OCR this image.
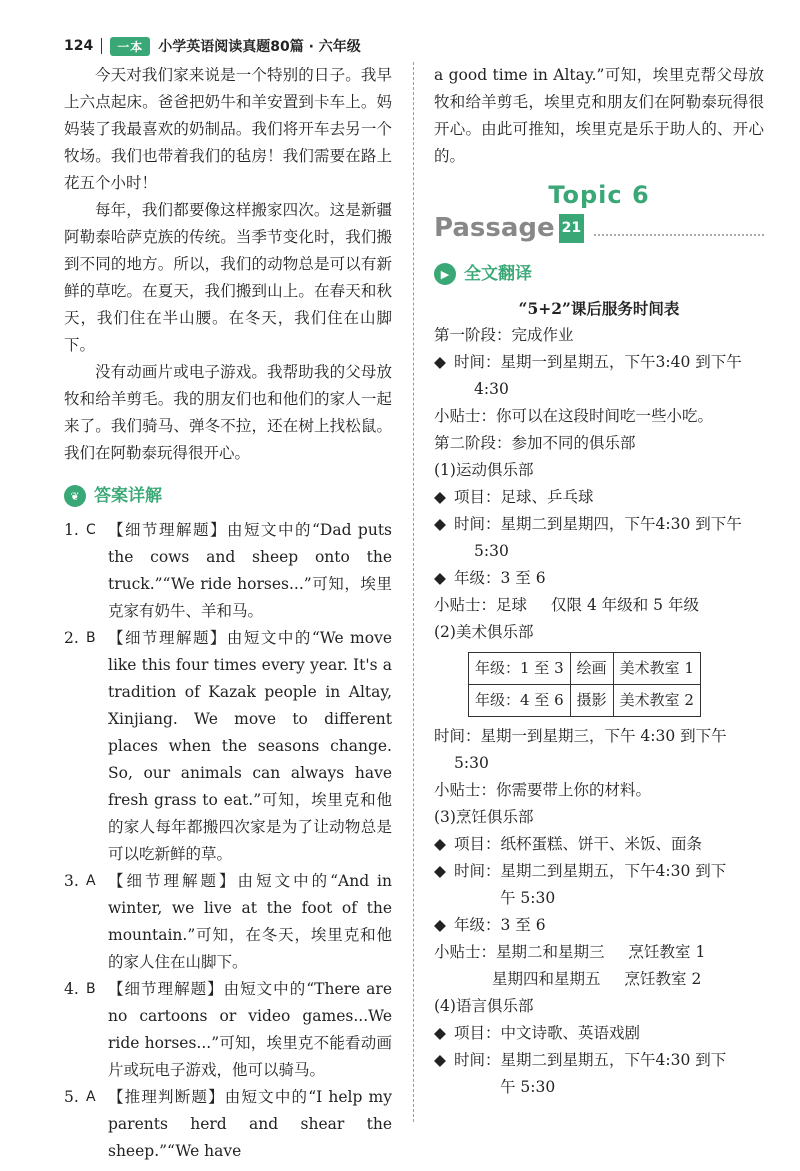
124	一本	小学英语阅读真题80篇 · 六年级

今天对我们家来说是一个特别的日子。我早上六点起床。爸爸把奶牛和羊安置到卡车上。妈妈装了我最喜欢的奶制品。我们将开车去另一个牧场。我们也带着我们的毡房！我们需要在路上花五个小时！

每年，我们都要像这样搬家四次。这是新疆阿勒泰哈萨克族的传统。当季节变化时，我们搬到不同的地方。所以，我们的动物总是可以有新鲜的草吃。在夏天，我们搬到山上。在春天和秋天，我们住在半山腰。在冬天，我们住在山脚下。

没有动画片或电子游戏。我帮助我的父母放牧和给羊剪毛。我的朋友们也和他们的家人一起来了。我们骑马、弹冬不拉，还在树上找松鼠。我们在阿勒泰玩得很开心。

❦ 答案详解
1. C 【细节理解题】由短文中的“Dad puts the cows and sheep onto the truck.”“We ride horses...”可知，埃里克家有奶牛、羊和马。
2. B 【细节理解题】由短文中的“We move like this four times every year. It's a tradition of Kazak people in Altay, Xinjiang. We move to different places when the seasons change. So, our animals can always have fresh grass to eat.”可知，埃里克和他的家人每年都搬四次家是为了让动物总是可以吃新鲜的草。
3. A 【细节理解题】由短文中的“And in winter, we live at the foot of the mountain.”可知，在冬天，埃里克和他的家人住在山脚下。
4. B 【细节理解题】由短文中的“There are no cartoons or video games...We ride horses...”可知，埃里克不能看动画片或玩电子游戏，他可以骑马。
5. A 【推理判断题】由短文中的“I help my parents herd and shear the sheep.”“We have

a good time in Altay.”可知，埃里克帮父母放牧和给羊剪毛，埃里克和朋友们在阿勒泰玩得很开心。由此可推知，埃里克是乐于助人的、开心的。

Topic 6
Passage 21
▶ 全文翻译

“5+2”课后服务时间表

第一阶段：完成作业

◆ 时间：星期一到星期五，下午3:40 到下午

4:30

小贴士：你可以在这段时间吃一些小吃。

第二阶段：参加不同的俱乐部

(1)运动俱乐部

◆ 项目：足球、乒乓球
◆ 时间：星期二到星期四，下午4:30 到下午

5:30

◆ 年级：3 至 6
小贴士：足球 仅限 4 年级和 5 年级

(2)美术俱乐部

年级：1 至 3	绘画	美术教室 1
年级：4 至 6	摄影	美术教室 2

时间：星期一到星期三，下午 4:30 到下午

5:30

小贴士：你需要带上你的材料。

(3)烹饪俱乐部

◆ 项目：纸杯蛋糕、饼干、米饭、面条
◆ 时间：星期二到星期五，下午4:30 到下

午 5:30

◆ 年级：3 至 6
小贴士：星期二和星期三 烹饪教室 1
星期四和星期五 烹饪教室 2

(4)语言俱乐部

◆ 项目：中文诗歌、英语戏剧
◆ 时间：星期二到星期五，下午4:30 到下

午 5:30
